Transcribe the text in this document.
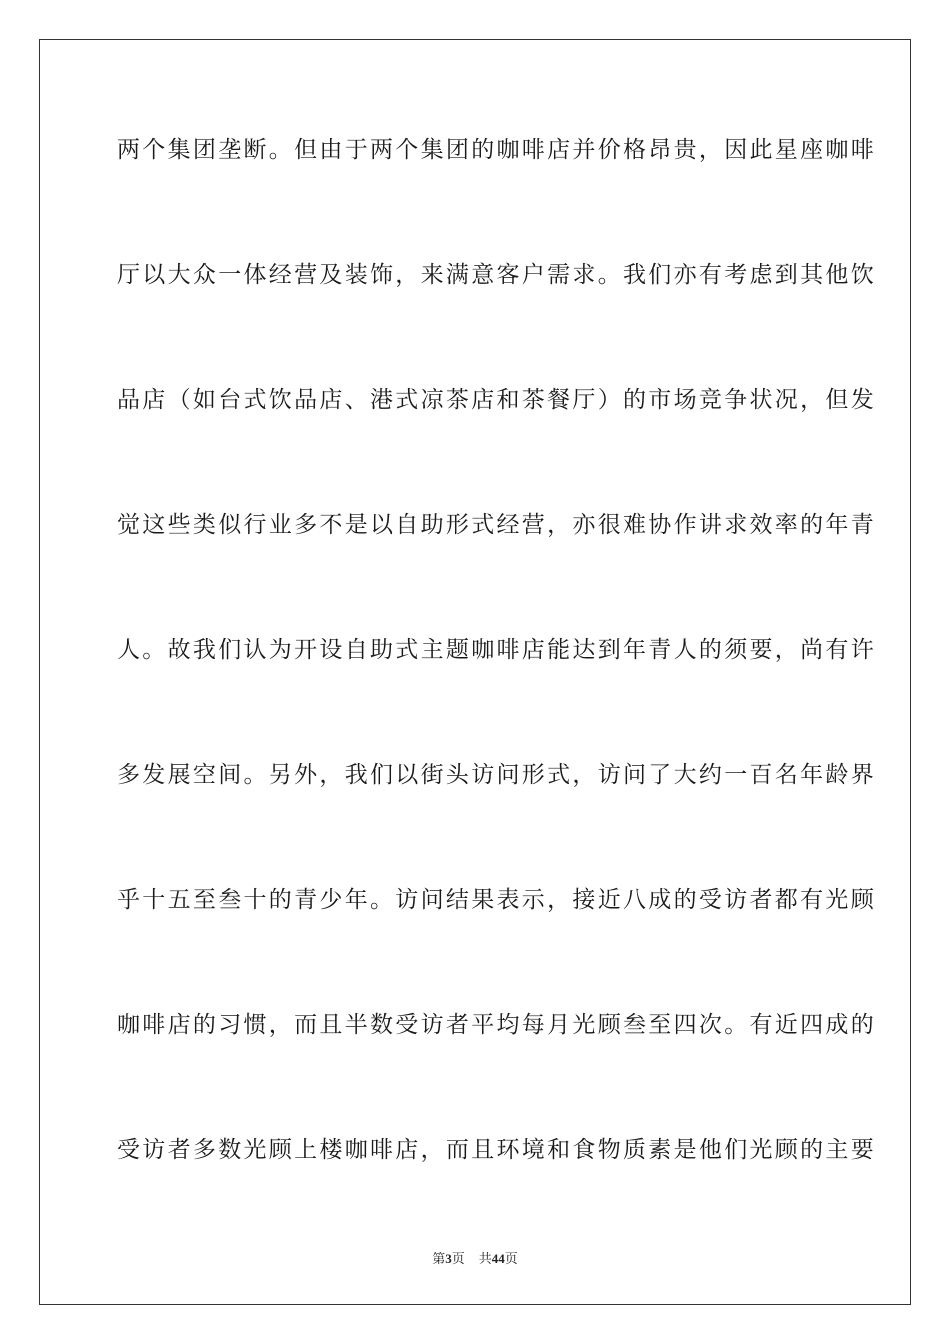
两个集团垄断。但由于两个集团的咖啡店并价格昂贵，因此星座咖啡
厅以大众一体经营及装饰，来满意客户需求。我们亦有考虑到其他饮
品店（如台式饮品店、港式凉茶店和茶餐厅）的市场竞争状况，但发
觉这些类似行业多不是以自助形式经营，亦很难协作讲求效率的年青
人。故我们认为开设自助式主题咖啡店能达到年青人的须要，尚有许
多发展空间。另外，我们以街头访问形式，访问了大约一百名年龄界
乎十五至叁十的青少年。访问结果表示，接近八成的受访者都有光顾
咖啡店的习惯，而且半数受访者平均每月光顾叁至四次。有近四成的
受访者多数光顾上楼咖啡店，而且环境和食物质素是他们光顾的主要
第3页 共44页
